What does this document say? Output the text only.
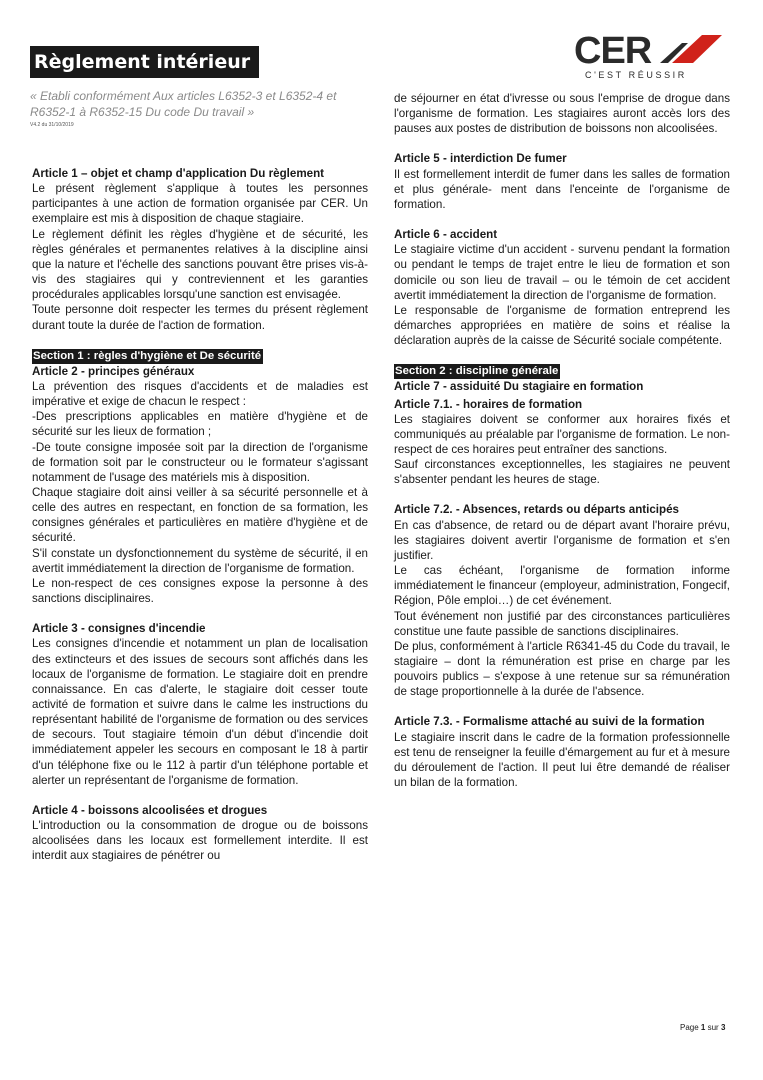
Règlement intérieur
« Etabli conformément Aux articles L6352-3 et L6352-4 et R6352-1 à R6352-15 Du code Du travail »
V4.2 du 31/10/2019
CER
C'EST RÉUSSIR

Article 1 – objet et champ d'application Du règlement

Le présent règlement s'applique à toutes les personnes participantes à une action de formation organisée par CER. Un exemplaire est mis à disposition de chaque stagiaire.

Le règlement définit les règles d'hygiène et de sécurité, les règles générales et permanentes relatives à la discipline ainsi que la nature et l'échelle des sanctions pouvant être prises vis-à-vis des stagiaires qui y contreviennent et les garanties procédurales applicables lorsqu'une sanction est envisagée.

Toute personne doit respecter les termes du présent règlement durant toute la durée de l'action de formation.

Section 1 : règles d'hygiène et De sécurité

Article 2 - principes généraux

La prévention des risques d'accidents et de maladies est impérative et exige de chacun le respect :

-Des prescriptions applicables en matière d'hygiène et de sécurité sur les lieux de formation ;

-De toute consigne imposée soit par la direction de l'organisme de formation soit par le constructeur ou le formateur s'agissant notamment de l'usage des matériels mis à disposition.

Chaque stagiaire doit ainsi veiller à sa sécurité personnelle et à celle des autres en respectant, en fonction de sa formation, les consignes générales et particulières en matière d'hygiène et de sécurité.

S'il constate un dysfonctionnement du système de sécurité, il en avertit immédiatement la direction de l'organisme de formation.

Le non-respect de ces consignes expose la personne à des sanctions disciplinaires.

Article 3 - consignes d'incendie

Les consignes d'incendie et notamment un plan de localisation des extincteurs et des issues de secours sont affichés dans les locaux de l'organisme de formation. Le stagiaire doit en prendre connaissance. En cas d'alerte, le stagiaire doit cesser toute activité de formation et suivre dans le calme les instructions du représentant habilité de l'organisme de formation ou des services de secours. Tout stagiaire témoin d'un début d'incendie doit immédiatement appeler les secours en composant le 18 à partir d'un téléphone fixe ou le 112 à partir d'un téléphone portable et alerter un représentant de l'organisme de formation.

Article 4 - boissons alcoolisées et drogues

L'introduction ou la consommation de drogue ou de boissons alcoolisées dans les locaux est formellement interdite. Il est interdit aux stagiaires de pénétrer ou

de séjourner en état d'ivresse ou sous l'emprise de drogue dans l'organisme de formation. Les stagiaires auront accès lors des pauses aux postes de distribution de boissons non alcoolisées.

Article 5 - interdiction De fumer

Il est formellement interdit de fumer dans les salles de formation et plus générale- ment dans l'enceinte de l'organisme de formation.

Article 6 - accident

Le stagiaire victime d'un accident - survenu pendant la formation ou pendant le temps de trajet entre le lieu de formation et son domicile ou son lieu de travail – ou le témoin de cet accident avertit immédiatement la direction de l'organisme de formation.

Le responsable de l'organisme de formation entreprend les démarches appropriées en matière de soins et réalise la déclaration auprès de la caisse de Sécurité sociale compétente.

Section 2 : discipline générale

Article 7 - assiduité Du stagiaire en formation

Article 7.1. - horaires de formation

Les stagiaires doivent se conformer aux horaires fixés et communiqués au préalable par l'organisme de formation. Le non-respect de ces horaires peut entraîner des sanctions.

Sauf circonstances exceptionnelles, les stagiaires ne peuvent s'absenter pendant les heures de stage.

Article 7.2. - Absences, retards ou départs anticipés

En cas d'absence, de retard ou de départ avant l'horaire prévu, les stagiaires doivent avertir l'organisme de formation et s'en justifier.

Le cas échéant, l'organisme de formation informe immédiatement le financeur (employeur, administration, Fongecif, Région, Pôle emploi…) de cet événement.

Tout événement non justifié par des circonstances particulières constitue une faute passible de sanctions disciplinaires.

De plus, conformément à l'article R6341-45 du Code du travail, le stagiaire – dont la rémunération est prise en charge par les pouvoirs publics – s'expose à une retenue sur sa rémunération de stage proportionnelle à la durée de l'absence.

Article 7.3. - Formalisme attaché au suivi de la formation

Le stagiaire inscrit dans le cadre de la formation professionnelle est tenu de renseigner la feuille d'émargement au fur et à mesure du déroulement de l'action. Il peut lui être demandé de réaliser un bilan de la formation.

Page 1 sur 3
